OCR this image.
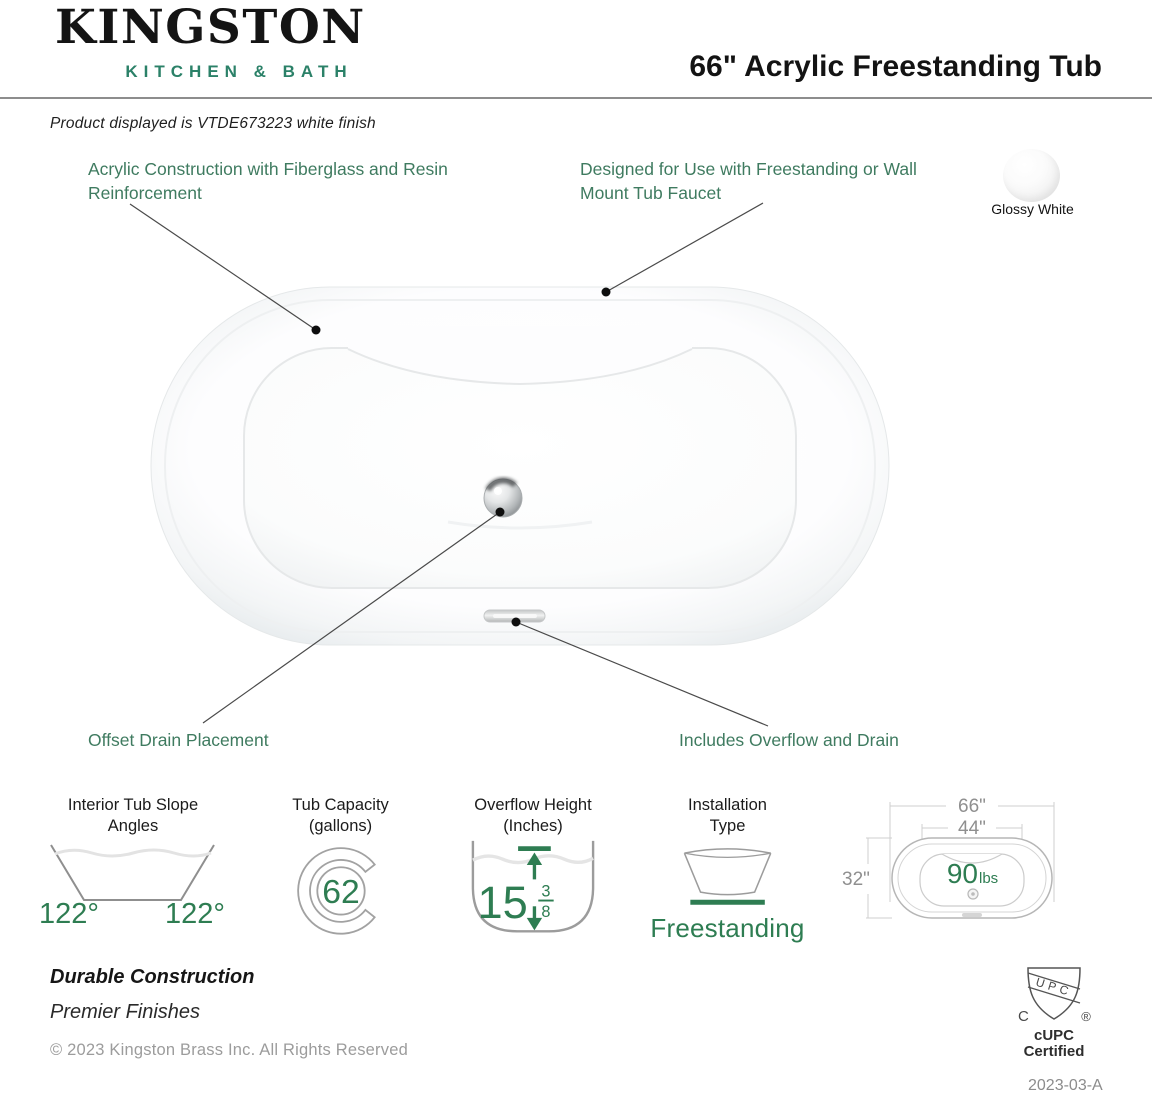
KINGSTON
KITCHEN & BATH	66" Acrylic Freestanding Tub
Product displayed is VTDE673223 white finish
Acrylic Construction with Fiberglass and Resin Reinforcement
Designed for Use with Freestanding or Wall Mount Tub Faucet
Offset Drain Placement	Includes Overflow and Drain
Glossy White
Interior Tub Slope
Angles
122° 122°
Tub Capacity
(gallons)
62
Overflow Height
(Inches)
15 3
8
Installation
Type
Freestanding
66"
44"
32"	90 lbs
Durable Construction
Premier Finishes
© 2023 Kingston Brass Inc. All Rights Reserved
UPC
C	®
cUPC
Certified
2023-03-A
